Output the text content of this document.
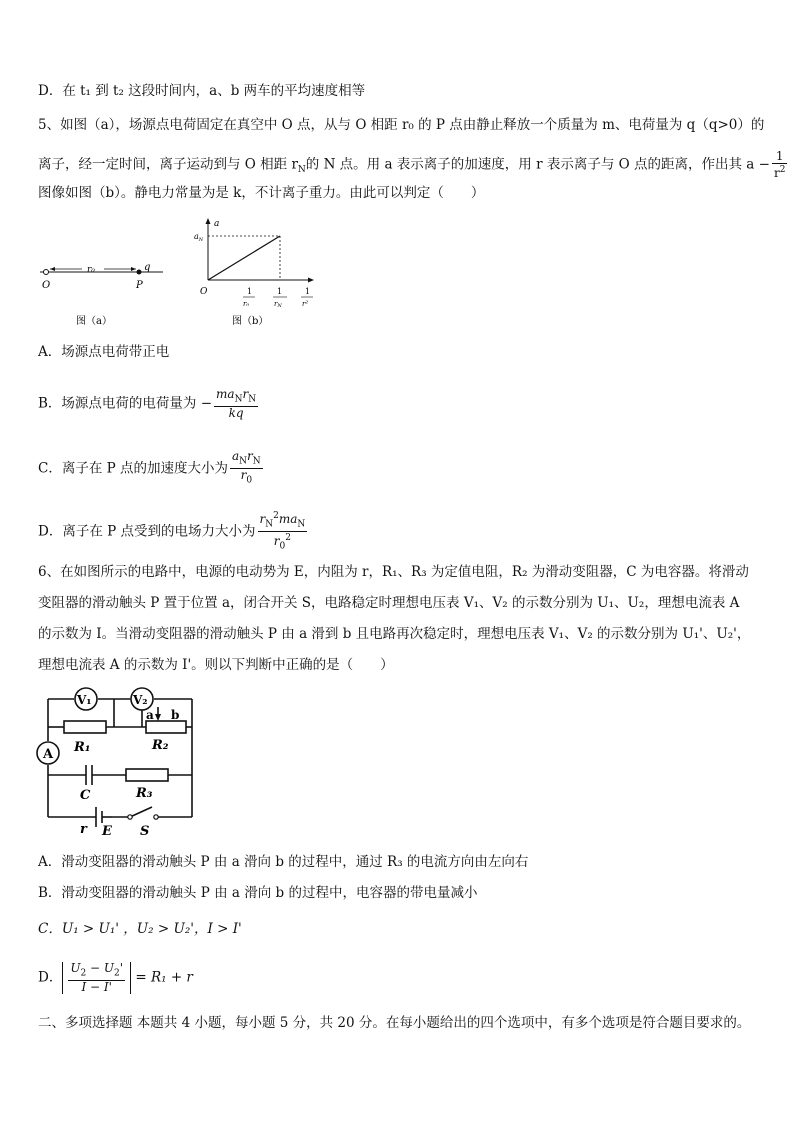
D．在 t₁ 到 t₂ 这段时间内，a、b 两车的平均速度相等
5、如图（a），场源点电荷固定在真空中 O 点，从与 O 相距 r₀ 的 P 点由静止释放一个质量为 m、电荷量为 q（q>0）的
离子，经一定时间，离子运动到与 O 相距 $r_N$的 N 点。用 a 表示离子的加速度，用 r 表示离子与 O 点的距离，作出其 $a - \frac{1}{r^2}$
图像如图（b）。静电力常量为是 k，不计离子重力。由此可以判定（　　）
r₀	q
O	P
图（a）
a
$a_N$
O	1
r₀
1
rN
1
r²
图（b）
A．场源点电荷带正电
B．场源点电荷的电荷量为 − $\frac{ma_Nr_N}{kq}$
C．离子在 P 点的加速度大小为 $\frac{a_Nr_N}{r_0}$
D．离子在 P 点受到的电场力大小为 $\frac{r_N^2ma_N}{r_0^2}$
6、在如图所示的电路中，电源的电动势为 E，内阻为 r，R₁、R₃ 为定值电阻，R₂ 为滑动变阻器，C 为电容器。将滑动
变阻器的滑动触头 P 置于位置 a，闭合开关 S，电路稳定时理想电压表 V₁、V₂ 的示数分别为 U₁、U₂，理想电流表 A
的示数为 I。当滑动变阻器的滑动触头 P 由 a 滑到 b 且电路再次稳定时，理想电压表 V₁、V₂ 的示数分别为 U₁'、U₂'，
理想电流表 A 的示数为 I'。则以下判断中正确的是（　　）
V₁	V₂
A
a b
R₁	R₂
C	R₃
r E S
A．滑动变阻器的滑动触头 P 由 a 滑向 b 的过程中，通过 R₃ 的电流方向由左向右
B．滑动变阻器的滑动触头 P 由 a 滑向 b 的过程中，电容器的带电量减小
C．U₁ > U₁' ，U₂ > U₂'，I > I'
D． $\frac{U_2 - U_2'}{I - I'} = R_1 + r$
二、多项选择题 本题共 4 小题，每小题 5 分，共 20 分。在每小题给出的四个选项中，有多个选项是符合题目要求的。
